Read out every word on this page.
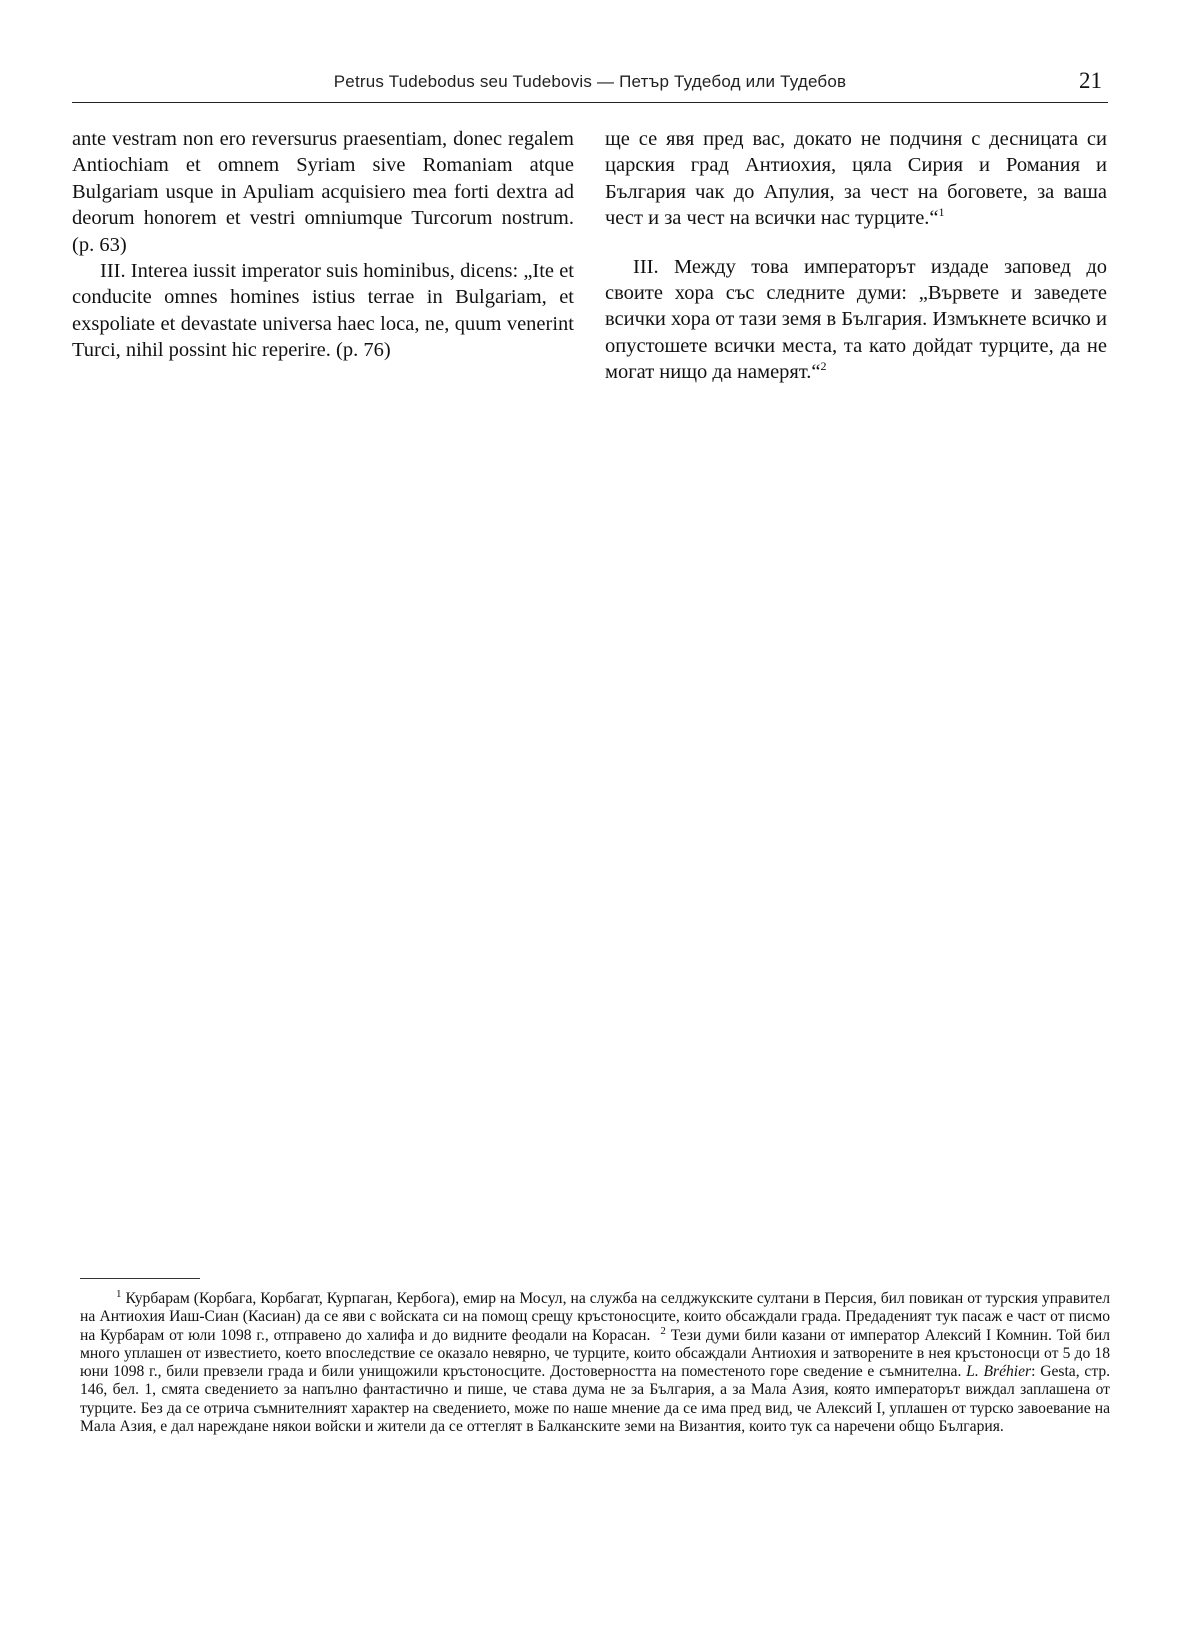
Petrus Tudebodus seu Tudebovis — Петър Тудебод или Тудебов	21

ante vestram non ero reversurus praesentiam, donec regalem Antiochiam et omnem Syriam sive Romaniam atque Bulgariam usque in Apuliam acquisiero mea forti dextra ad deorum honorem et vestri omniumque Turcorum nostrum. (p. 63)

III. Interea iussit imperator suis hominibus, dicens: „Ite et conducite omnes homines istius terrae in Bulgariam, et exspoliate et devastate universa haec loca, ne, quum venerint Turci, nihil possint hic reperire. (p. 76)

ще се явя пред вас, докато не подчиня с десницата си царския град Антиохия, цяла Сирия и Романия и България чак до Апулия, за чест на боговете, за ваша чест и за чест на всички нас турците.“$^1$

III. Между това императорът издаде заповед до своите хора със следните думи: „Вървете и заведете всички хора от тази земя в България. Измъкнете всичко и опустошете всички места, та като дойдат турците, да не могат нищо да намерят.“$^2$

$^1$ Курбарам (Корбага, Корбагат, Курпаган, Кербога), емир на Мосул, на служба на селджукските султани в Персия, бил повикан от турския управител на Антиохия Иаш-Сиан (Касиан) да се яви с войската си на помощ срещу кръстоносците, които обсаждали града. Предаденият тук пасаж е част от писмо на Курбарам от юли 1098 г., отправено до халифа и до видните феодали на Корасан. $^2$ Тези думи били казани от император Алексий I Комнин. Той бил много уплашен от известието, което впоследствие се оказало невярно, че турците, които обсаждали Антиохия и затворените в нея кръстоносци от 5 до 18 юни 1098 г., били превзели града и били унищожили кръстоносците. Достоверността на поместеното горе сведение е съмнителна. L. Bréhier: Gesta, стр. 146, бел. 1, смята сведението за напълно фантастично и пише, че става дума не за България, а за Мала Азия, която императорът виждал заплашена от турците. Без да се отрича съмнителният характер на сведението, може по наше мнение да се има пред вид, че Алексий I, уплашен от турско завоевание на Мала Азия, е дал нареждане някои войски и жители да се оттеглят в Балканските земи на Византия, които тук са наречени общо България.
